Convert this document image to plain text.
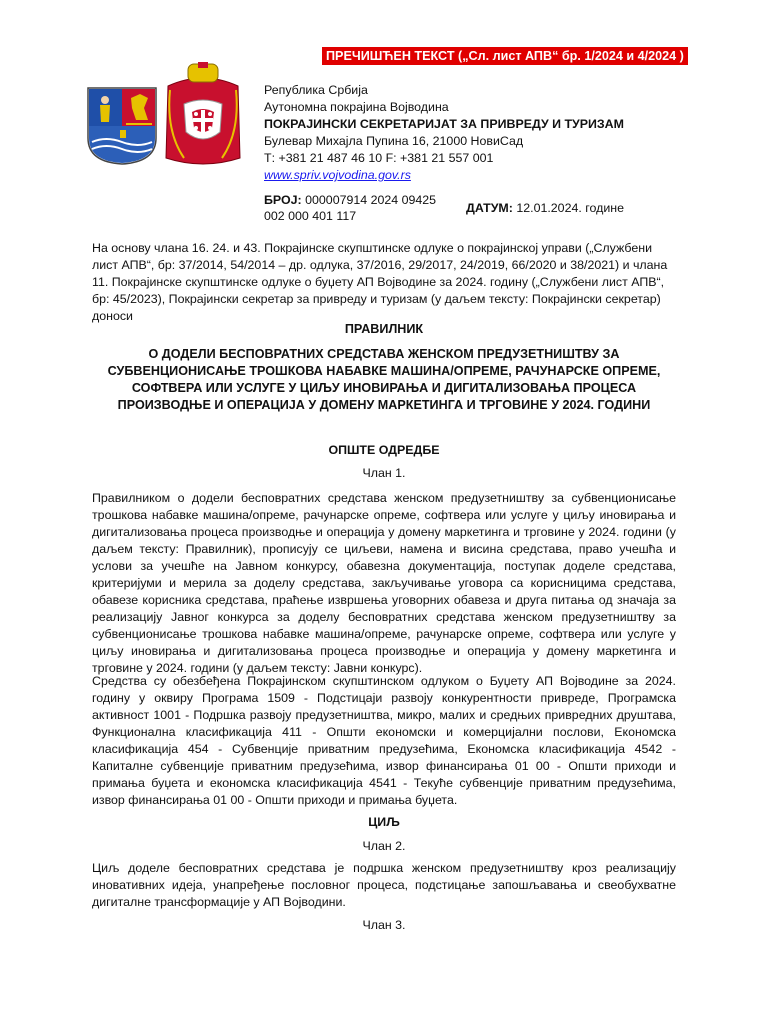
ПРЕЧИШЋЕН ТЕКСТ („Сл. лист АПВ“ бр. 1/2024 и 4/2024 )
Република Србија
Аутономна покрајина Војводина
ПОКРАЈИНСКИ СЕКРЕТАРИЈАТ ЗА ПРИВРЕДУ И ТУРИЗАМ
Булевар Михајла Пупина 16, 21000 НовиСад
Т: +381 21 487 46 10 F: +381 21 557 001
www.spriv.vojvodina.gov.rs
БРОЈ: 000007914 2024 09425
002 000 401 117
ДАТУМ: 12.01.2024. године
На основу члана 16. 24. и 43. Покрајинске скупштинске одлуке о покрајинској управи („Службени лист АПВ“, бр: 37/2014, 54/2014 – др. одлука, 37/2016, 29/2017, 24/2019, 66/2020 и 38/2021) и члана 11. Покрајинске скупштинске одлуке о буџету АП Војводине за 2024. годину („Службени лист АПВ“, бр: 45/2023), Покрајински секретар за привреду и туризам (у даљем тексту: Покрајински секретар) доноси
ПРАВИЛНИК
О ДОДЕЛИ БЕСПОВРАТНИХ СРЕДСТАВА ЖЕНСКОМ ПРЕДУЗЕТНИШТВУ ЗА СУБВЕНЦИОНИСАЊЕ ТРОШКОВА НАБАВКЕ МАШИНА/ОПРЕМЕ, РАЧУНАРСКЕ ОПРЕМЕ, СОФТВЕРА ИЛИ УСЛУГЕ У ЦИЉУ ИНОВИРАЊА И ДИГИТАЛИЗОВАЊА ПРОЦЕСА ПРОИЗВОДЊЕ И ОПЕРАЦИЈА У ДОМЕНУ МАРКЕТИНГА И ТРГОВИНЕ У 2024. ГОДИНИ
ОПШТЕ ОДРЕДБЕ
Члан 1.
Правилником о додели бесповратних средстава женском предузетништву за субвенционисање трошкова набавке машина/опреме, рачунарске опреме, софтвера или услуге у циљу иновирања и дигитализовања процеса производње и операција у домену маркетинга и трговине у 2024. години (у даљем тексту: Правилник), прописују се циљеви, намена и висина средстава, право учешћа и услови за учешће на Јавном конкурсу, обавезна документација, поступак доделе средстава, критеријуми и мерила за доделу средстава, закључивање уговора са корисницима средстава, обавезе корисника средстава, праћење извршења уговорних обавеза и друга питања од значаја за реализацију Јавног конкурса за доделу бесповратних средстава женском предузетништву за субвенционисање трошкова набавке машина/опреме, рачунарске опреме, софтвера или услуге у циљу иновирања и дигитализовања процеса производње и операција у домену маркетинга и трговине у 2024. години (у даљем тексту: Јавни конкурс).
Средства су обезбеђена Покрајинском скупштинском одлуком о Буџету АП Војводине за 2024. годину у оквиру Програма 1509 - Подстицаји развоју конкурентности привреде, Програмска активност 1001 - Подршка развоју предузетништва, микро, малих и средњих привредних друштава, Функционална класификација 411 - Општи економски и комерцијални послови, Економска класификација 454 - Субвенције приватним предузећима, Економска класификација 4542 - Капиталне субвенције приватним предузећима, извор финансирања 01 00 - Општи приходи и примања буџета и економска класификација 4541 - Текуће субвенције приватним предузећима, извор финансирања 01 00 - Општи приходи и примања буџета.
ЦИЉ
Члан 2.
Циљ доделе бесповратних средстава је подршка женском предузетништву кроз реализацију иновативних идеја, унапређење пословног процеса, подстицање запошљавања и свеобухватне дигиталне трансформације у АП Војводини.
Члан 3.
